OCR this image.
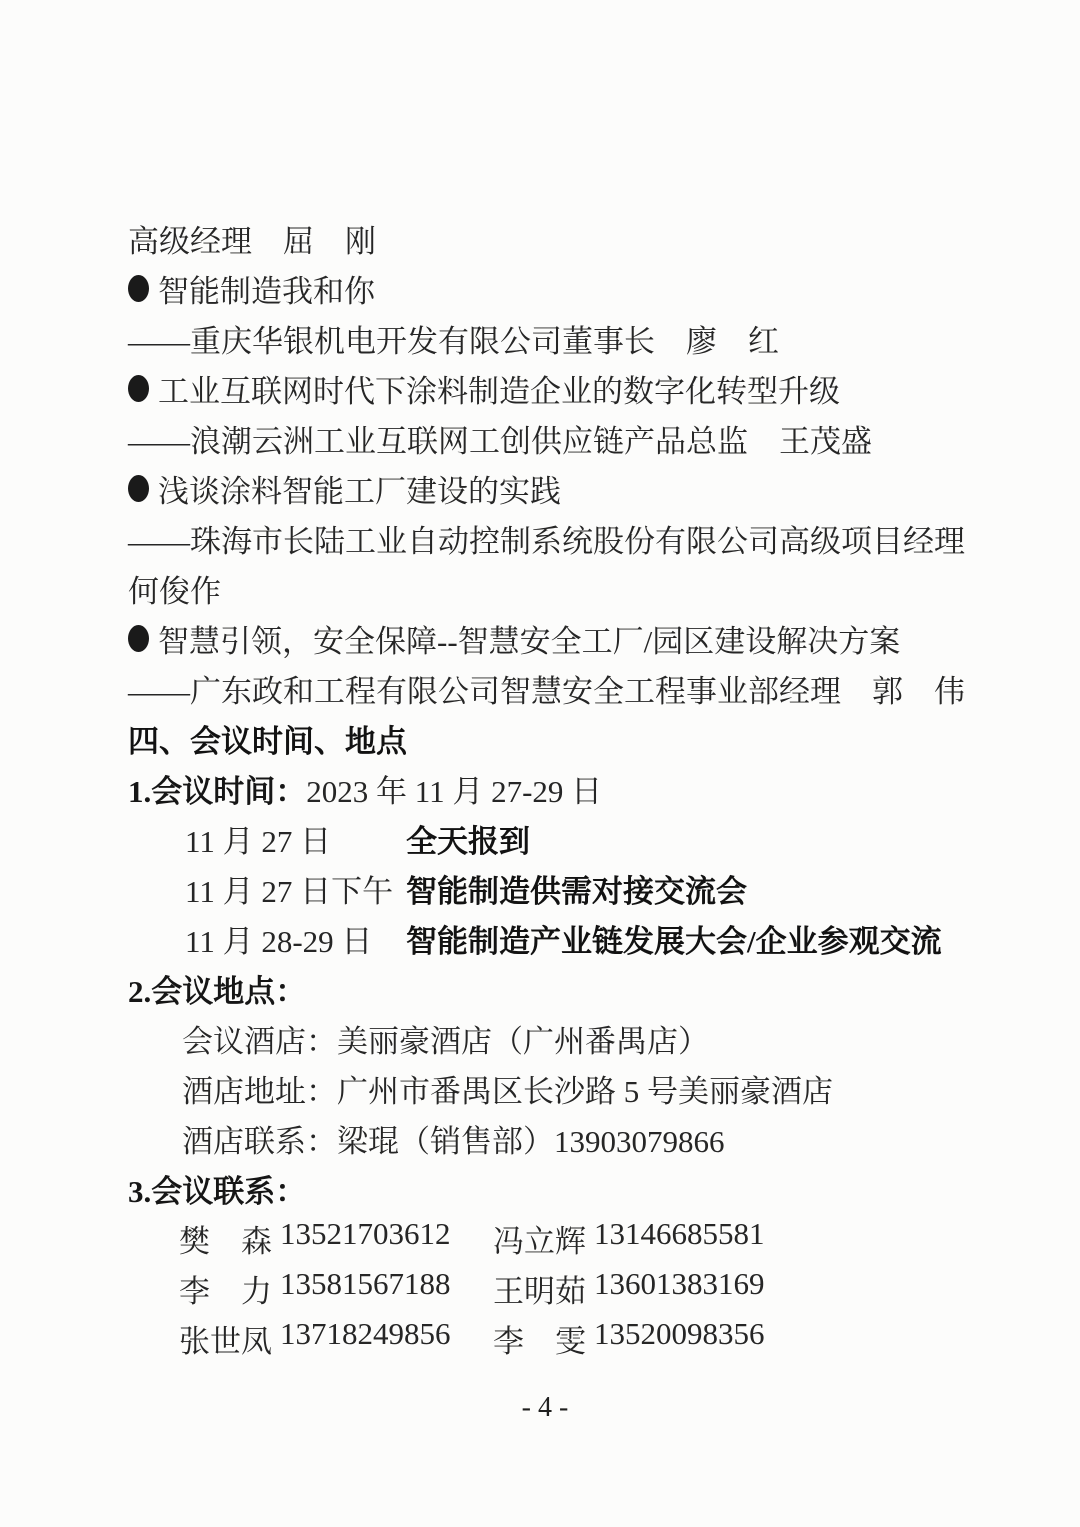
高级经理　屈　刚
智能制造我和你
——重庆华银机电开发有限公司董事长　廖　红
工业互联网时代下涂料制造企业的数字化转型升级
——浪潮云洲工业互联网工创供应链产品总监　王茂盛
浅谈涂料智能工厂建设的实践
——珠海市长陆工业自动控制系统股份有限公司高级项目经理
何俊作
智慧引领，安全保障--智慧安全工厂/园区建设解决方案
——广东政和工程有限公司智慧安全工程事业部经理　郭　伟
四、会议时间、地点
1.会议时间： 2023 年 11 月 27-29 日
11 月 27 日	全天报到
11 月 27 日下午 智能制造供需对接交流会
11 月 28-29 日	智能制造产业链发展大会/企业参观交流
2.会议地点：
会议酒店：美丽豪酒店（广州番禺店）
酒店地址：广州市番禺区长沙路 5 号美丽豪酒店
酒店联系：梁琨（销售部）13903079866
3.会议联系：
樊　森 13521703612 冯立辉 13146685581
李　力 13581567188 王明茹 13601383169
张世凤 13718249856 李　雯 13520098356
- 4 -
